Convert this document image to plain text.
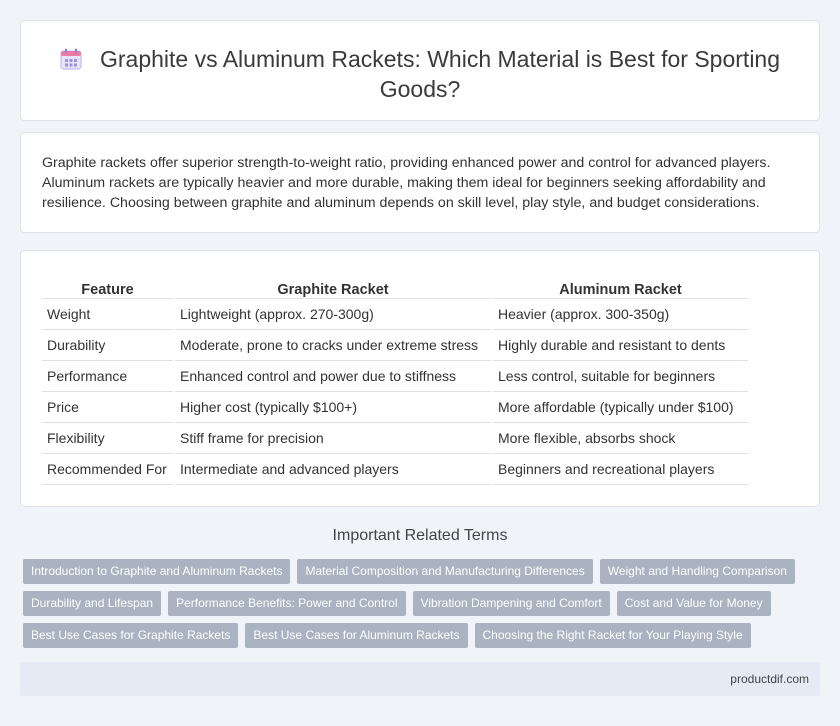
Graphite vs Aluminum Rackets: Which Material is Best for Sporting Goods?

Graphite rackets offer superior strength-to-weight ratio, providing enhanced power and control for advanced players. Aluminum rackets are typically heavier and more durable, making them ideal for beginners seeking affordability and resilience. Choosing between graphite and aluminum depends on skill level, play style, and budget considerations.

Feature	Graphite Racket	Aluminum Racket
Weight	Lightweight (approx. 270-300g)	Heavier (approx. 300-350g)
Durability	Moderate, prone to cracks under extreme stress	Highly durable and resistant to dents
Performance	Enhanced control and power due to stiffness	Less control, suitable for beginners
Price	Higher cost (typically $100+)	More affordable (typically under $100)
Flexibility	Stiff frame for precision	More flexible, absorbs shock
Recommended For	Intermediate and advanced players	Beginners and recreational players
Important Related Terms
Introduction to Graphite and Aluminum Rackets	Material Composition and Manufacturing Differences	Weight and Handling Comparison
Durability and Lifespan	Performance Benefits: Power and Control	Vibration Dampening and Comfort	Cost and Value for Money
Best Use Cases for Graphite Rackets	Best Use Cases for Aluminum Rackets	Choosing the Right Racket for Your Playing Style
productdif.com
